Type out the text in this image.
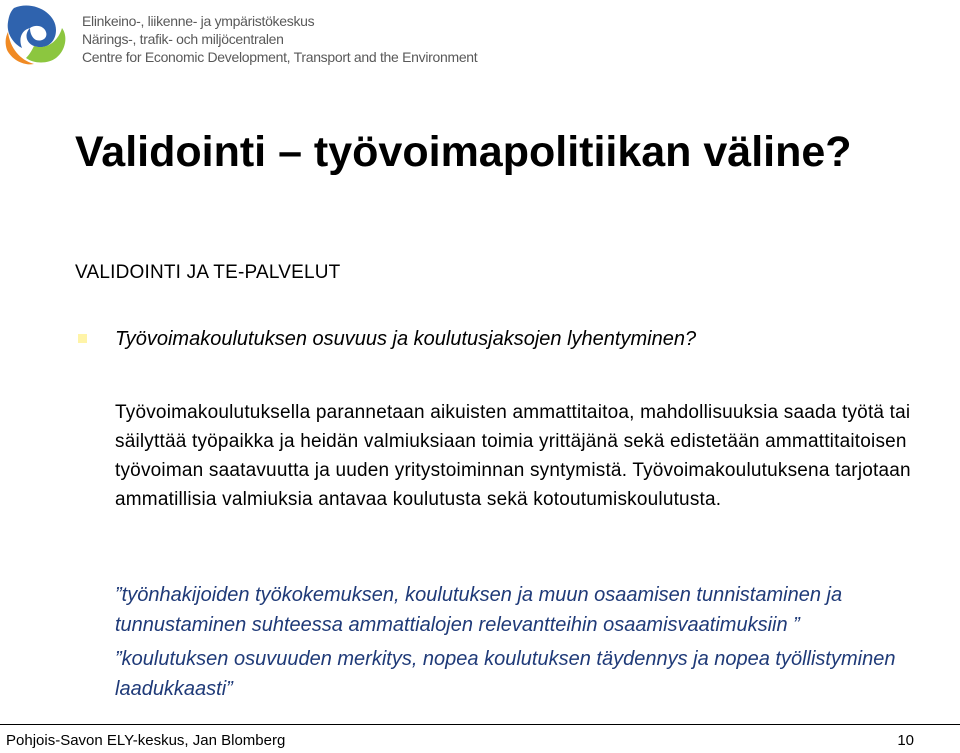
Elinkeino-, liikenne- ja ympäristökeskus
Närings-, trafik- och miljöcentralen
Centre for Economic Development, Transport and the Environment
Validointi – työvoimapolitiikan väline?
VALIDOINTI JA TE-PALVELUT
Työvoimakoulutuksen osuvuus ja koulutusjaksojen lyhentyminen?
Työvoimakoulutuksella parannetaan aikuisten ammattitaitoa, mahdollisuuksia saada työtä tai säilyttää työpaikka ja heidän valmiuksiaan toimia yrittäjänä sekä edistetään ammattitaitoisen työvoiman saatavuutta ja uuden yritystoiminnan syntymistä. Työvoimakoulutuksena tarjotaan ammatillisia valmiuksia antavaa koulutusta sekä kotoutumiskoulutusta.
”työnhakijoiden työkokemuksen, koulutuksen ja muun osaamisen tunnistaminen ja tunnustaminen suhteessa ammattialojen relevantteihin osaamisvaatimuksiin ”
”koulutuksen osuvuuden merkitys, nopea koulutuksen täydennys ja nopea työllistyminen laadukkaasti”
Pohjois-Savon ELY-keskus, Jan Blomberg	10
